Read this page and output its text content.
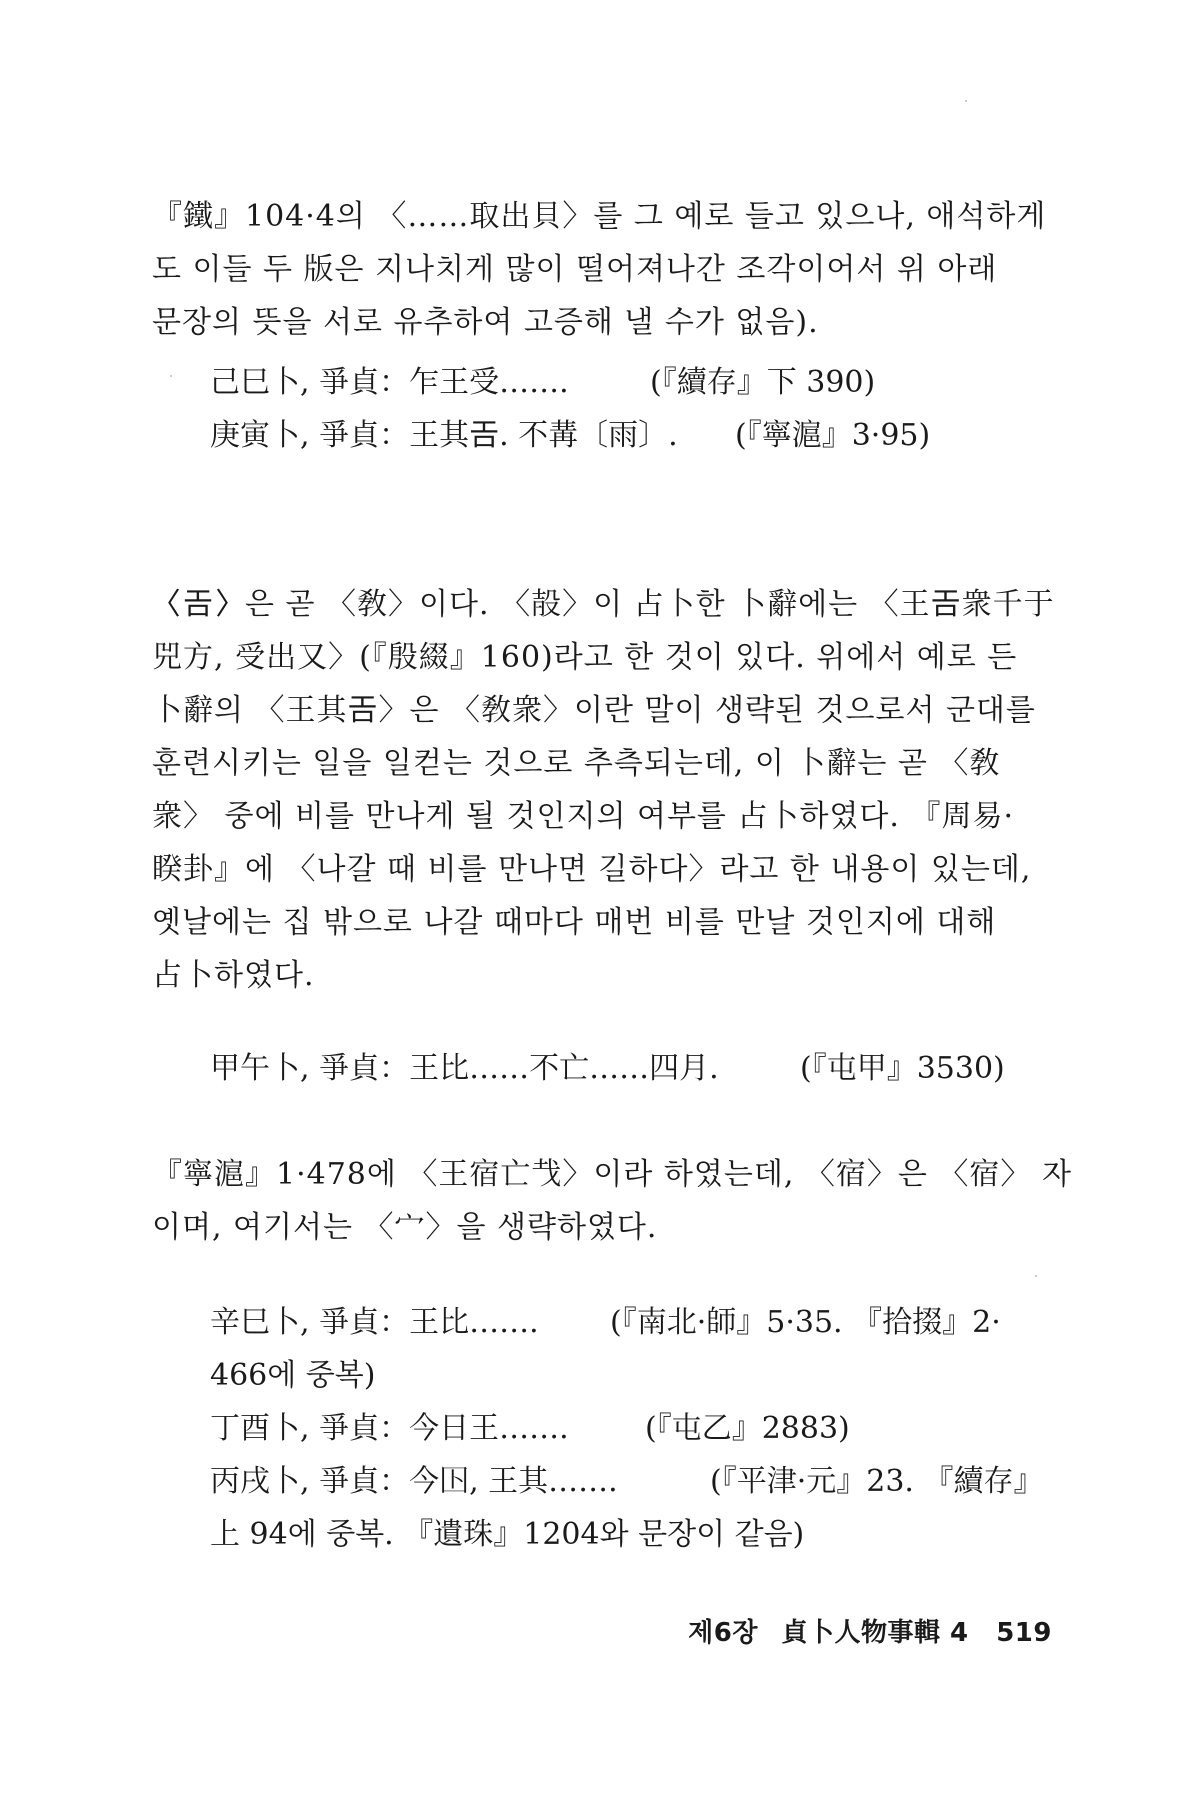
『鐵』104·4의 〈……取出貝〉를 그 예로 들고 있으나, 애석하게
도 이들 두 版은 지나치게 많이 떨어져나간 조각이어서 위 아래
문장의 뜻을 서로 유추하여 고증해 낼 수가 없음).
己巳卜, 爭貞：乍王受…….	(『續存』下 390)
庚寅卜, 爭貞：王其𢀛. 不冓〔雨〕. (『寧滬』3·95)
〈𢀛〉은 곧 〈敎〉이다. 〈㱿〉이 占卜한 卜辭에는 〈王𢀛衆千于
兕方, 受出又〉(『殷綴』160)라고 한 것이 있다. 위에서 예로 든
卜辭의 〈王其𢀛〉은 〈敎衆〉이란 말이 생략된 것으로서 군대를
훈련시키는 일을 일컫는 것으로 추측되는데, 이 卜辭는 곧 〈敎
衆〉 중에 비를 만나게 될 것인지의 여부를 占卜하였다. 『周易·
睽卦』에 〈나갈 때 비를 만나면 길하다〉라고 한 내용이 있는데,
옛날에는 집 밖으로 나갈 때마다 매번 비를 만날 것인지에 대해
占卜하였다.
甲午卜, 爭貞：王比……不亡……四月.	(『屯甲』3530)
『寧滬』1·478에 〈王宿亡𢦏〉이라 하였는데, 〈宿〉은 〈宿〉 자
이며, 여기서는 〈宀〉을 생략하였다.
辛巳卜, 爭貞：王比……. (『南北·師』5·35. 『拾掇』2·
466에 중복)
丁酉卜, 爭貞：今日王…….	(『屯乙』2883)
丙戌卜, 爭貞：今𡆥, 王其…….	(『平津·元』23. 『續存』
上 94에 중복. 『遺珠』1204와 문장이 같음)
제6장 貞卜人物事輯 4 519
